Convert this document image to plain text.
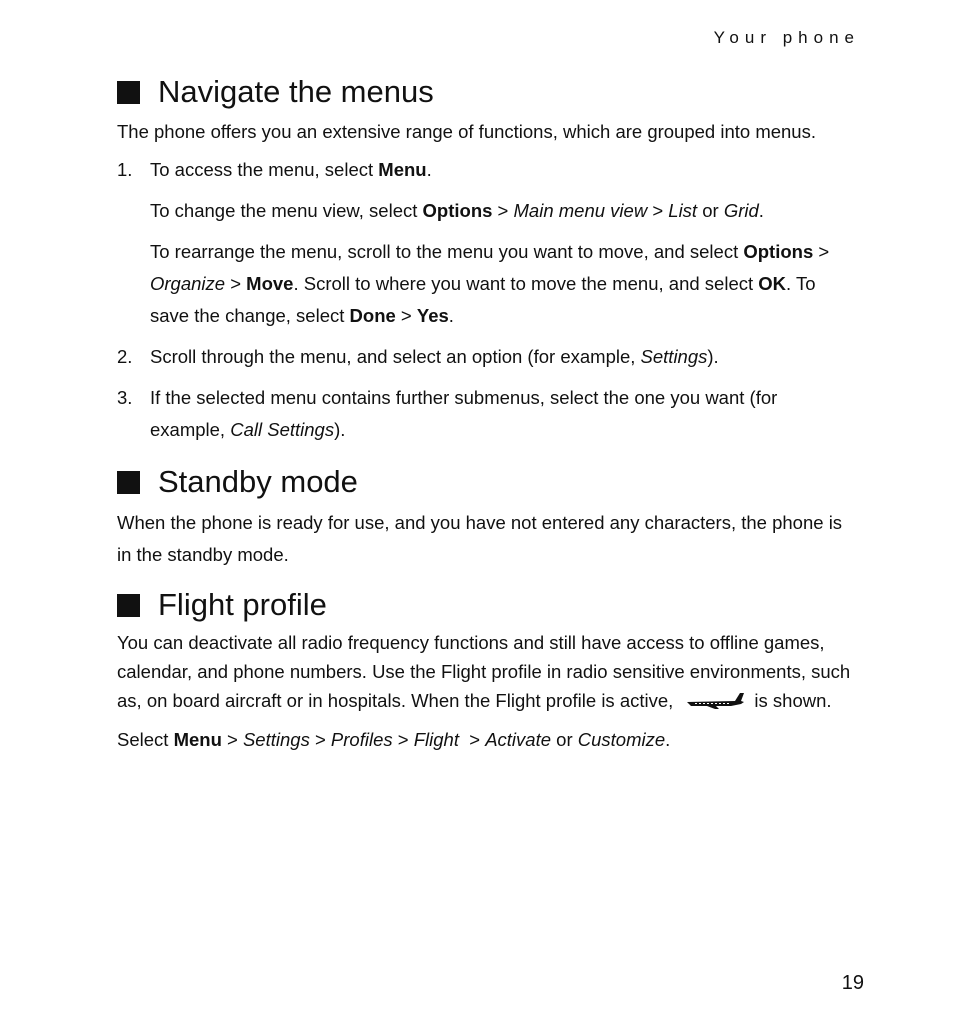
Your phone
Navigate the menus

The phone offers you an extensive range of functions, which are grouped into menus.

1. To access the menu, select Menu.

To change the menu view, select Options > Main menu view > List or Grid.

To rearrange the menu, scroll to the menu you want to move, and select Options > Organize > Move. Scroll to where you want to move the menu, and select OK. To save the change, select Done > Yes.

2. Scroll through the menu, and select an option (for example, Settings).

3. If the selected menu contains further submenus, select the one you want (for example, Call Settings).

Standby mode

When the phone is ready for use, and you have not entered any characters, the phone is in the standby mode.

Flight profile

You can deactivate all radio frequency functions and still have access to offline games, calendar, and phone numbers. Use the Flight profile in radio sensitive environments, such as, on board aircraft or in hospitals. When the Flight profile is active,	is shown.

Select Menu > Settings > Profiles > Flight  > Activate or Customize.

19
